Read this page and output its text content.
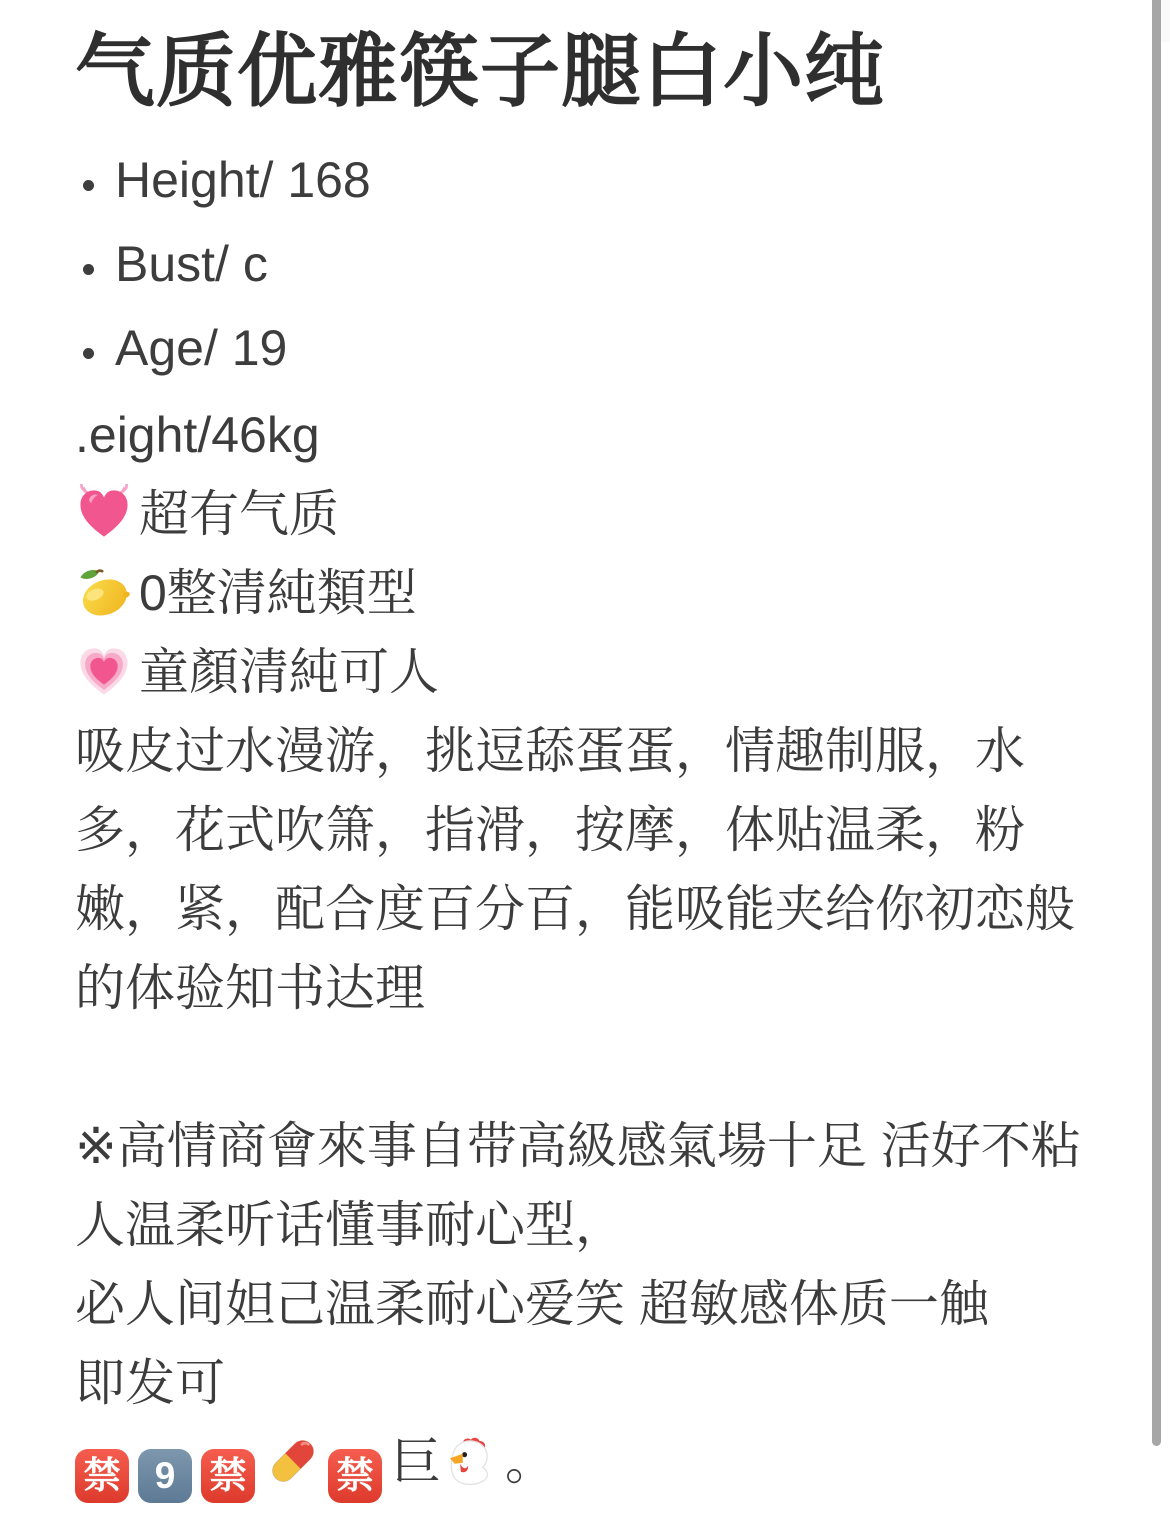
气质优雅筷子腿白小纯
Height/ 168
Bust/ c
Age/ 19
.eight/46kg
超有气质
0整清純類型
童顏清純可人
吸皮过水漫游，挑逗舔蛋蛋，情趣制服，水
多，花式吹箫，指滑，按摩，体贴温柔，粉
嫩，紧，配合度百分百，能吸能夹给你初恋般
的体验知书达理
※高情商會來事自带高級感氣場十足 活好不粘
人温柔听话懂事耐心型，
必人间妲己温柔耐心爱笑 超敏感体质一触
即发可
禁 9 禁 禁 巨 。
